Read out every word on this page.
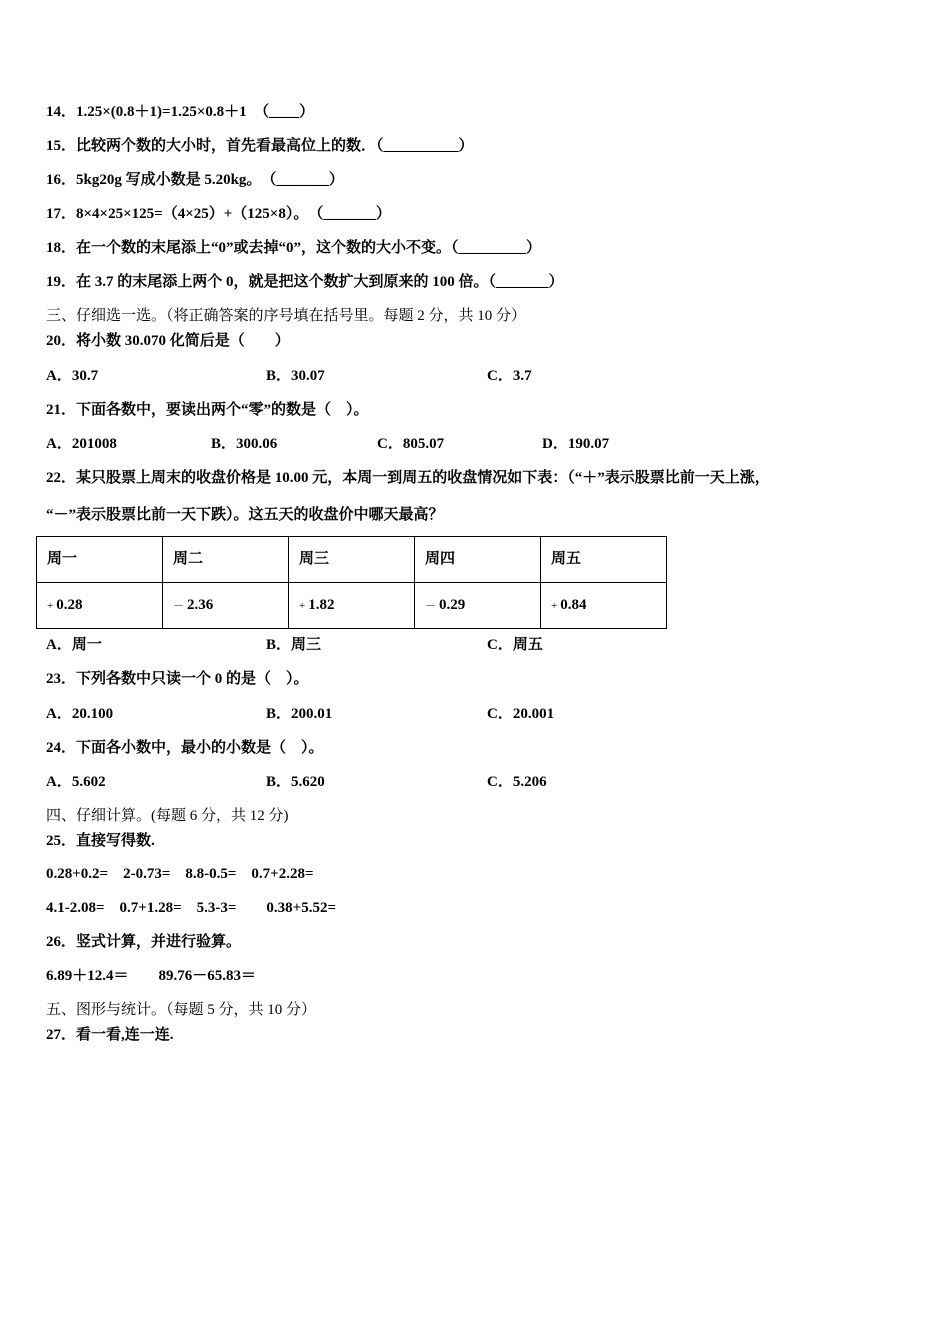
14．1.25×(0.8＋1)=1.25×0.8＋1　（____）
15．比较两个数的大小时，首先看最高位上的数．（__________）
16．5kg20g 写成小数是 5.20kg。　（_______）
17．8×4×25×125=（4×25）+（125×8）。　（_______）
18．在一个数的末尾添上“0”或去掉“0”，这个数的大小不变。（_________）
19．在 3.7 的末尾添上两个 0，就是把这个数扩大到原来的 100 倍。（_______）
三、仔细选一选。（将正确答案的序号填在括号里。每题 2 分，共 10 分）
20．将小数 30.070 化简后是（　　）
A．30.7	B．30.07	C．3.7
21．下面各数中，要读出两个“零”的数是（　）。
A．201008	B．300.06	C．805.07	D．190.07
22．某只股票上周末的收盘价格是 10.00 元，本周一到周五的收盘情况如下表：（“＋”表示股票比前一天上涨，
“－”表示股票比前一天下跌）。这五天的收盘价中哪天最高？
周一	周二	周三	周四	周五
+ 0.28	－ 2.36	+ 1.82	－ 0.29	+ 0.84
A．周一	B．周三	C．周五
23．下列各数中只读一个 0 的是（　）。
A．20.100	B．200.01	C．20.001
24．下面各小数中，最小的小数是（　）。
A．5.602	B．5.620	C．5.206
四、仔细计算。(每题 6 分，共 12 分)
25．直接写得数.
0.28+0.2=　2-0.73=　8.8-0.5=　0.7+2.28=
4.1-2.08=　0.7+1.28=　5.3-3=　　0.38+5.52=
26．竖式计算，并进行验算。
6.89＋12.4＝　　89.76－65.83＝
五、图形与统计。（每题 5 分，共 10 分）
27．看一看,连一连.
